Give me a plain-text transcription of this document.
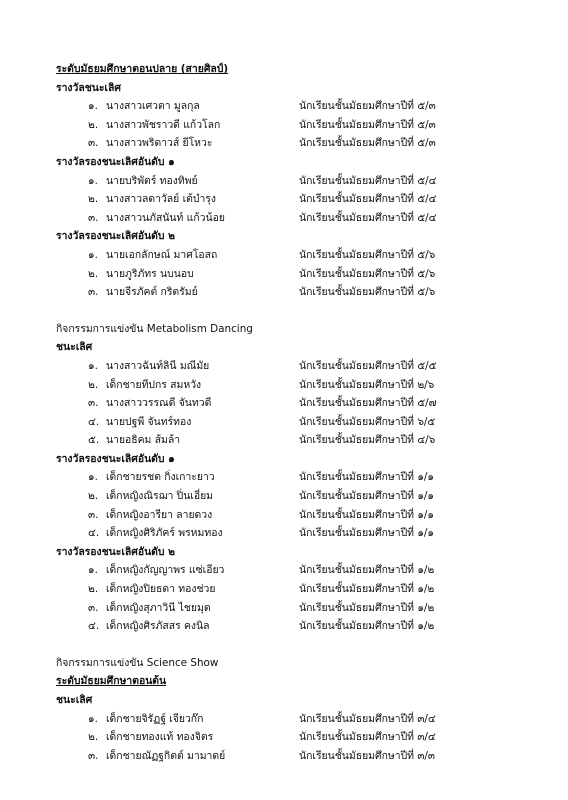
ระดับมัธยมศึกษาตอนปลาย (สายศิลป์)
รางวัลชนะเลิศ
๑. นางสาวเศวตา มูลกุล	นักเรียนชั้นมัธยมศึกษาปีที่ ๕/๓
๒. นางสาวพัชราวดี แก้วโลก	นักเรียนชั้นมัธยมศึกษาปีที่ ๕/๓
๓. นางสาวพริดาวส์ ยีโหวะ	นักเรียนชั้นมัธยมศึกษาปีที่ ๕/๓
รางวัลรองชนะเลิศอันดับ ๑
๑. นายบริพัตร์ ทองทิพย์	นักเรียนชั้นมัธยมศึกษาปีที่ ๕/๔
๒. นางสาวลดาวัลย์ เต้บำรุง	นักเรียนชั้นมัธยมศึกษาปีที่ ๕/๔
๓. นางสาวนภัสนันท์ แก้วน้อย	นักเรียนชั้นมัธยมศึกษาปีที่ ๕/๔
รางวัลรองชนะเลิศอันดับ ๒
๑. นายเอกลักษณ์ มาศโอสถ	นักเรียนชั้นมัธยมศึกษาปีที่ ๕/๖
๒. นายภูริภัทร นบนอบ	นักเรียนชั้นมัธยมศึกษาปีที่ ๕/๖
๓. นายจีรภัคต์ กริตรัมย์	นักเรียนชั้นมัธยมศึกษาปีที่ ๕/๖
กิจกรรมการแข่งขัน Metabolism Dancing
ชนะเลิศ
๑. นางสาวฉันท์ลินี มณีมัย	นักเรียนชั้นมัธยมศึกษาปีที่ ๕/๕
๒. เด็กชายทีปกร สมหวัง	นักเรียนชั้นมัธยมศึกษาปีที่ ๒/๖
๓. นางสาววรรณดี จันทวดี	นักเรียนชั้นมัธยมศึกษาปีที่ ๕/๗
๔. นายปฐพี จันทร์ทอง	นักเรียนชั้นมัธยมศึกษาปีที่ ๖/๕
๕. นายอธิคม ส้มล้า	นักเรียนชั้นมัธยมศึกษาปีที่ ๔/๖
รางวัลรองชนะเลิศอันดับ ๑
๑. เด็กชายรชต กิ่งเกาะยาว	นักเรียนชั้นมัธยมศึกษาปีที่ ๑/๑
๒. เด็กหญิงณิรฌา ปิ่นเอี่ยม	นักเรียนชั้นมัธยมศึกษาปีที่ ๑/๑
๓. เด็กหญิงอารียา ลายดวง	นักเรียนชั้นมัธยมศึกษาปีที่ ๑/๑
๔. เด็กหญิงศิริภัคร์ พรหมทอง	นักเรียนชั้นมัธยมศึกษาปีที่ ๑/๑
รางวัลรองชนะเลิศอันดับ ๒
๑. เด็กหญิงกัญญาพร แซ่เอียว	นักเรียนชั้นมัธยมศึกษาปีที่ ๑/๒
๒. เด็กหญิงปิยธดา ทองช่วย	นักเรียนชั้นมัธยมศึกษาปีที่ ๑/๒
๓. เด็กหญิงสุภาวินี ไชยมุต	นักเรียนชั้นมัธยมศึกษาปีที่ ๑/๒
๔. เด็กหญิงศิรภัสสร คงนิล	นักเรียนชั้นมัธยมศึกษาปีที่ ๑/๒
กิจกรรมการแข่งขัน Science Show
ระดับมัธยมศึกษาตอนต้น
ชนะเลิศ
๑. เด็กชายจิรัฏฐ์ เจียวก๊ก	นักเรียนชั้นมัธยมศึกษาปีที่ ๓/๔
๒. เด็กชายทองแท้ ทองจิตร	นักเรียนชั้นมัธยมศึกษาปีที่ ๓/๔
๓. เด็กชายณัฏฐกิตต์ มามาดย์	นักเรียนชั้นมัธยมศึกษาปีที่ ๓/๓
